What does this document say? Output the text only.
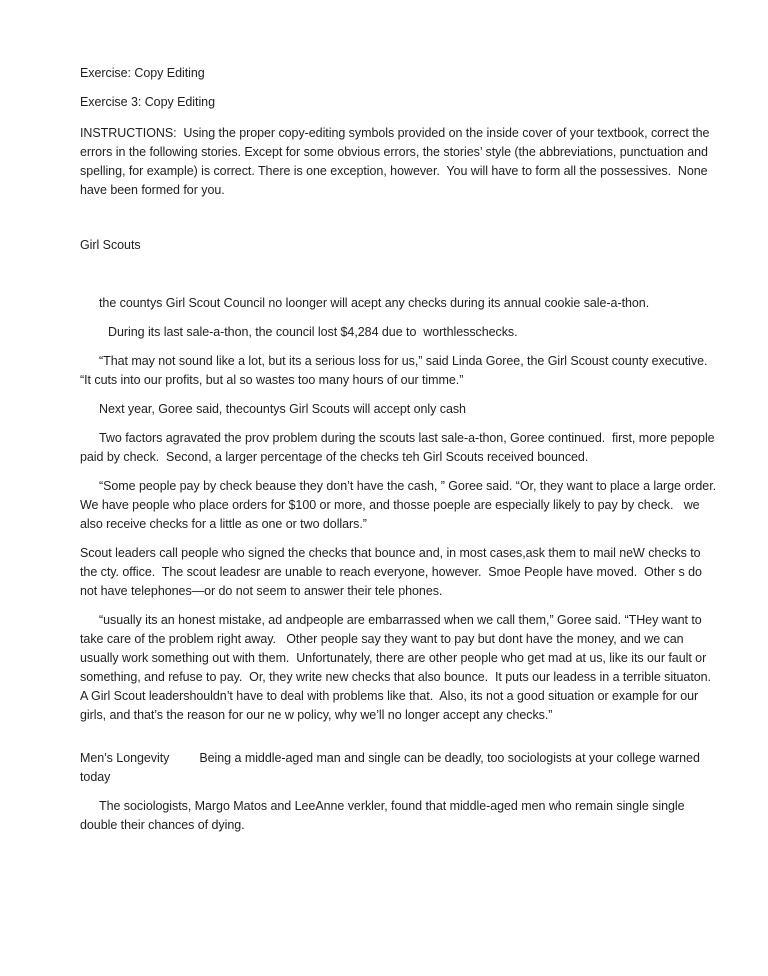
Exercise: Copy Editing

Exercise 3: Copy Editing

INSTRUCTIONS:  Using the proper copy-editing symbols provided on the inside cover of your textbook, correct the errors in the following stories. Except for some obvious errors, the stories’ style (the abbreviations, punctuation and spelling, for example) is correct. There is one exception, however.  You will have to form all the possessives.  None have been formed for you.

Girl Scouts

the countys Girl Scout Council no loonger will acept any checks during its annual cookie sale-a-thon.

During its last sale-a-thon, the council lost $4,284 due to  worthlesschecks.

“That may not sound like a lot, but its a serious loss for us,” said Linda Goree, the Girl Scoust county executive. “It cuts into our profits, but al so wastes too many hours of our timme.”

Next year, Goree said, thecountys Girl Scouts will accept only cash

Two factors agravated the prov problem during the scouts last sale-a-thon, Goree continued.  first, more pepople paid by check.  Second, a larger percentage of the checks teh Girl Scouts received bounced.

“Some people pay by check beause they don’t have the cash, ” Goree said. “Or, they want to place a large order.  We have people who place orders for $100 or more, and thosse poeple are especially likely to pay by check.   we also receive checks for a little as one or two dollars.”

Scout leaders call people who signed the checks that bounce and, in most cases,ask them to mail neW checks to the cty. office.  The scout leadesr are unable to reach everyone, however.  Smoe People have moved.  Other s do not have telephones—or do not seem to answer their tele phones.

“usually its an honest mistake, ad andpeople are embarrassed when we call them,” Goree said. “THey want to take care of the problem right away.   Other people say they want to pay but dont have the money, and we can usually work something out with them.  Unfortunately, there are other people who get mad at us, like its our fault or something, and refuse to pay.  Or, they write new checks that also bounce.  It puts our leadess in a terrible situaton.  A Girl Scout leadershouldn’t have to deal with problems like that.  Also, its not a good situation or example for our girls, and that’s the reason for our ne w policy, why we’ll no longer accept any checks.”

Men’s Longevity Being a middle-aged man and single can be deadly, too sociologists at your college warned today

The sociologists, Margo Matos and LeeAnne verkler, found that middle-aged men who remain single single double their chances of dying.
